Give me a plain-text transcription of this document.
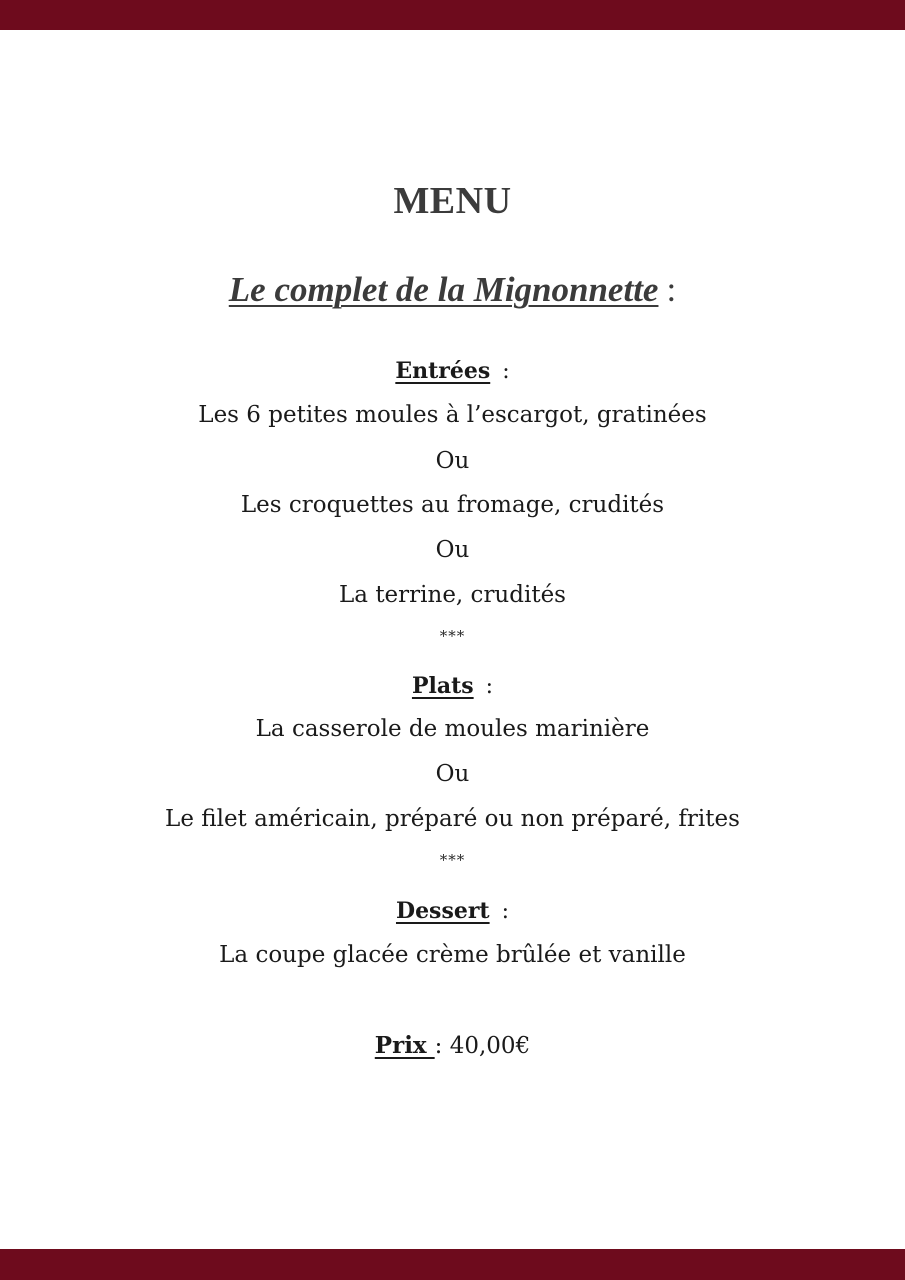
MENU
Le complet de la Mignonnette :
Entrées :
Les 6 petites moules à l’escargot, gratinées
Ou
Les croquettes au fromage, crudités
Ou
La terrine, crudités
***
Plats :
La casserole de moules marinière
Ou
Le filet américain, préparé ou non préparé, frites
***
Dessert :
La coupe glacée crème brûlée et vanille
Prix : 40,00€
